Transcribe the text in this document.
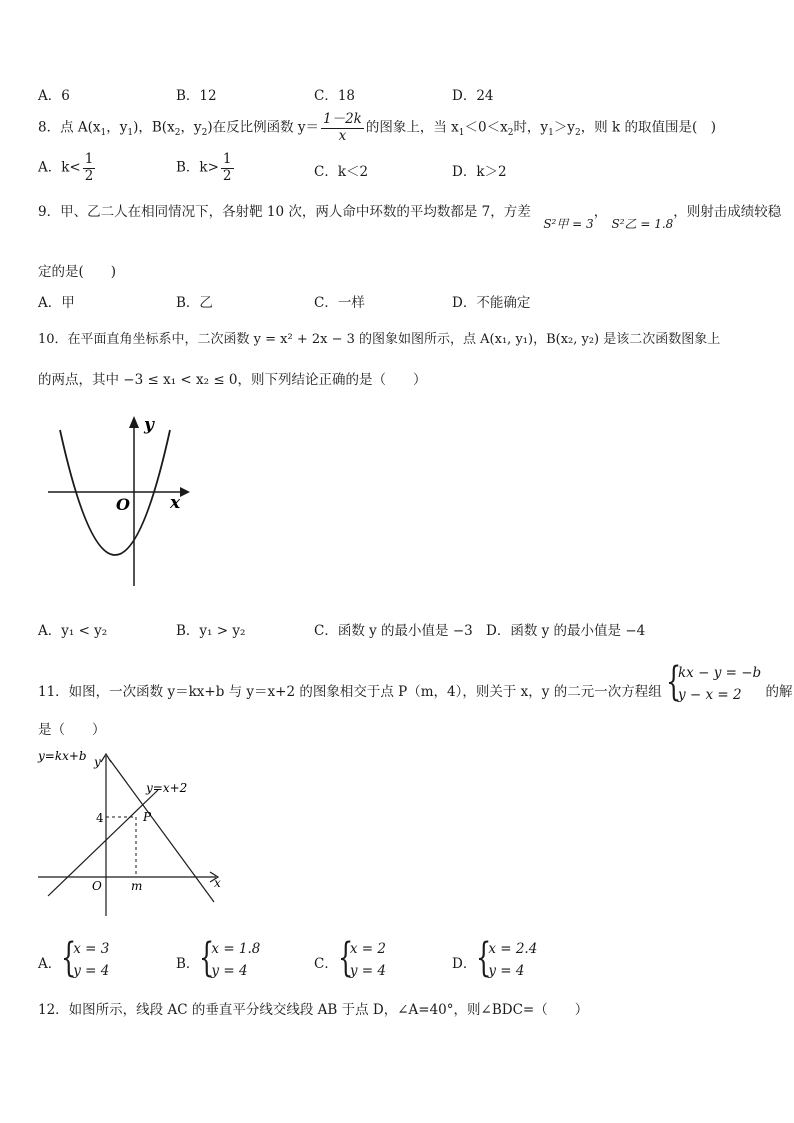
A．6	B．12	C．18	D．24
8．点 $A(x_1$，$y_1$)，$B(x_2$，$y_2$)在反比例函数 $y= \frac{1-2k}{x}$ 的图象上，当 $x_1<0<x_2$时，$y_1>y_2$，则 k 的取值围是(　)
A．$k< \frac{1}{2}$	B．$k> \frac{1}{2}$	C．k＜2	D．k＞2
9．甲、乙二人在相同情况下，各射靶 10 次，两人命中环数的平均数都是 7，方差  S²甲 = 3， S²乙 = 1.8，则射击成绩较稳
定的是(　　)
A．甲	B．乙	C．一样	D．不能确定
10．在平面直角坐标系中，二次函数 y = x² + 2x − 3 的图象如图所示，点 A(x₁, y₁)，B(x₂, y₂) 是该二次函数图象上
的两点，其中 −3 ≤ x₁ < x₂ ≤ 0，则下列结论正确的是（　　）
y
x
O
A．y₁ < y₂	B．y₁ > y₂	C．函数 y 的最小值是 −3 D．函数 y 的最小值是 −4
11．如图，一次函数 y＝kx+b 与 y＝x+2 的图象相交于点 P（m，4），则关于 x，y 的二元一次方程组 {
kx − y = −b
y − x = 2	的解
是（　　）
y=kx+b y
y=x+2
P
4
O m	x
A． {
x = 3
y = 4	B． {
x = 1.8
y = 4	C． {
x = 2
y = 4	D． {
x = 2.4
y = 4
12．如图所示，线段 AC 的垂直平分线交线段 AB 于点 D，∠A=40°，则∠BDC=（　　）
